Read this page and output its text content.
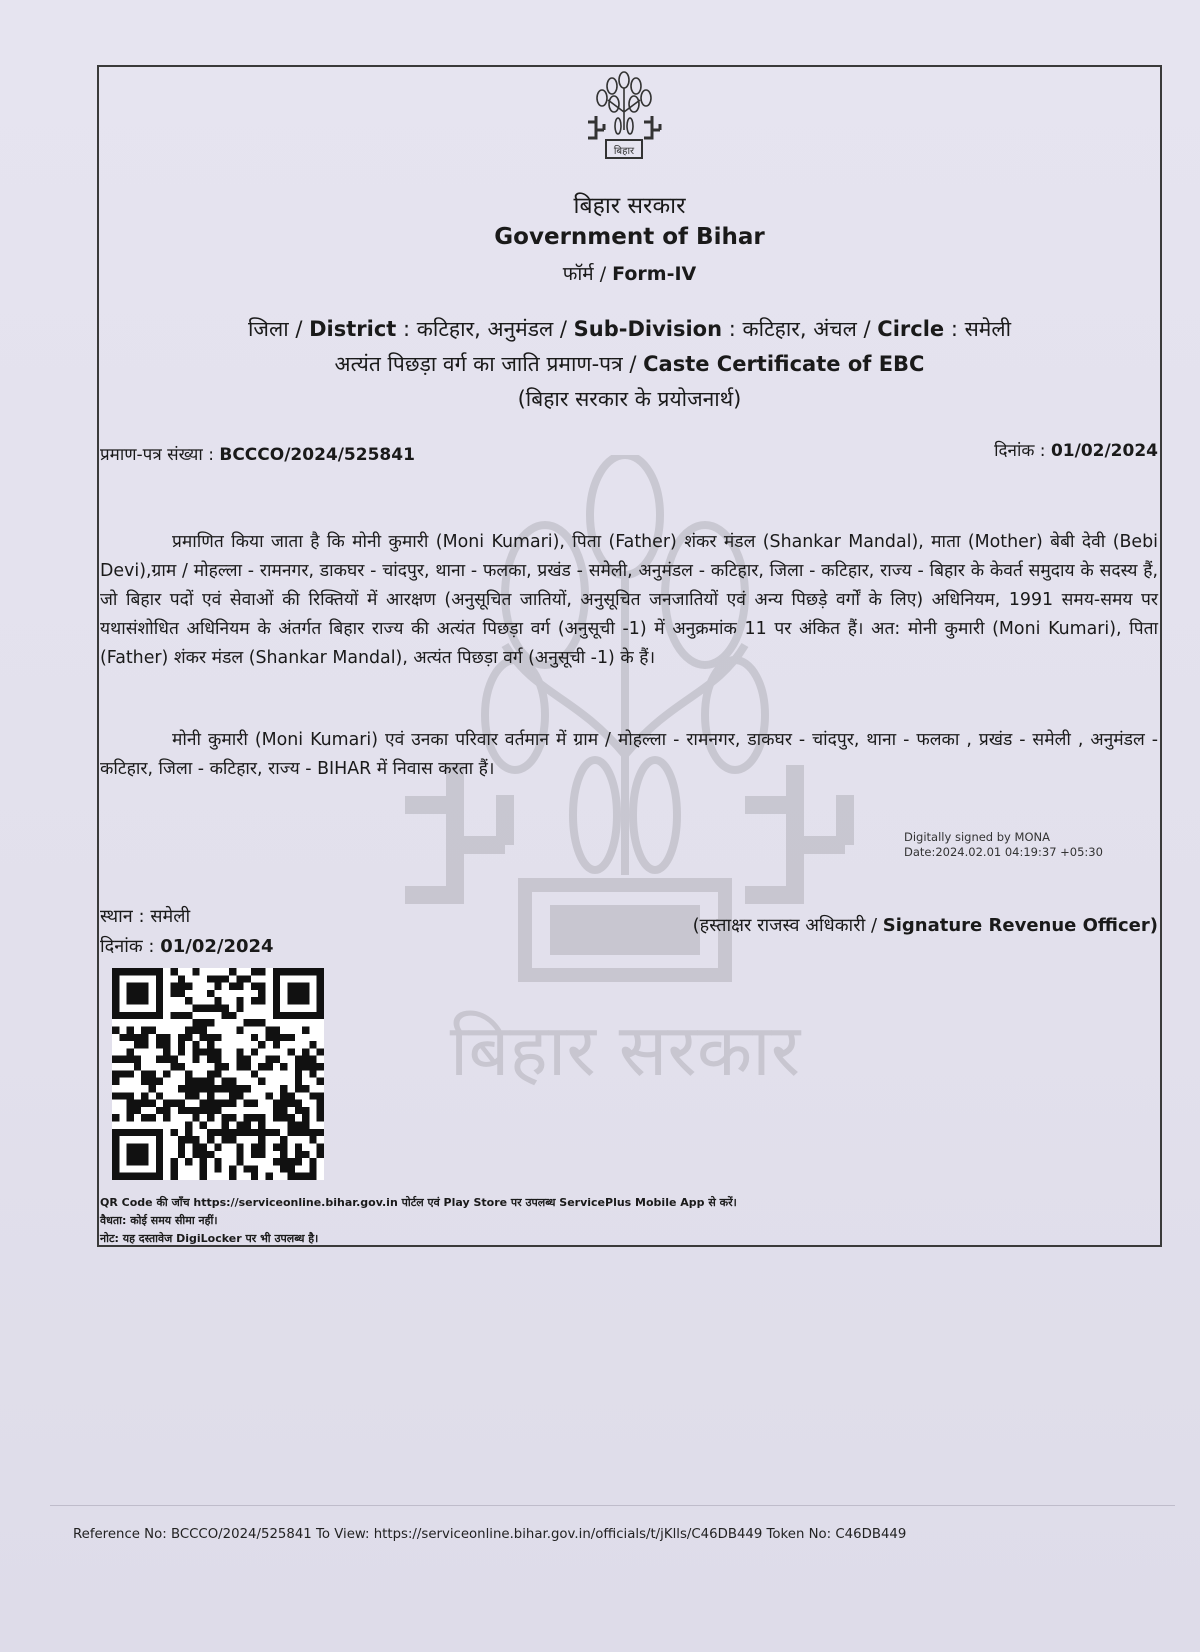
बिहार
बिहार सरकार
Government of Bihar
फॉर्म / Form-IV
जिला / District : कटिहार, अनुमंडल / Sub-Division : कटिहार, अंचल / Circle : समेली
अत्यंत पिछड़ा वर्ग का जाति प्रमाण-पत्र / Caste Certificate of EBC
(बिहार सरकार के प्रयोजनार्थ)
प्रमाण-पत्र संख्या : BCCCO/2024/525841	दिनांक : 01/02/2024

प्रमाणित किया जाता है कि मोनी कुमारी (Moni Kumari), पिता (Father) शंकर मंडल (Shankar Mandal), माता (Mother) बेबी देवी (Bebi Devi),ग्राम / मोहल्ला - रामनगर, डाकघर - चांदपुर, थाना - फलका, प्रखंड - समेली, अनुमंडल - कटिहार, जिला - कटिहार, राज्य - बिहार के केवर्त समुदाय के सदस्य हैं, जो बिहार पदों एवं सेवाओं की रिक्तियों में आरक्षण (अनुसूचित जातियों, अनुसूचित जनजातियों एवं अन्य पिछड़े वर्गों के लिए) अधिनियम, 1991 समय-समय पर यथासंशोधित अधिनियम के अंतर्गत बिहार राज्य की अत्यंत पिछड़ा वर्ग (अनुसूची -1) में अनुक्रमांक 11 पर अंकित हैं। अत: मोनी कुमारी (Moni Kumari), पिता (Father) शंकर मंडल (Shankar Mandal), अत्यंत पिछड़ा वर्ग (अनुसूची -1) के हैं।

मोनी कुमारी (Moni Kumari) एवं उनका परिवार वर्तमान में ग्राम / मोहल्ला - रामनगर, डाकघर - चांदपुर, थाना - फलका , प्रखंड - समेली , अनुमंडल - कटिहार, जिला - कटिहार, राज्य - BIHAR में निवास करता हैं।

Digitally signed by MONA
Date:2024.02.01 04:19:37 +05:30
स्थान : समेली
दिनांक : 01/02/2024
(हस्ताक्षर राजस्व अधिकारी / Signature Revenue Officer)
QR Code की जाँच https://serviceonline.bihar.gov.in पोर्टल एवं Play Store पर उपलब्ध ServicePlus Mobile App से करें।
वैधता: कोई समय सीमा नहीं।
नोट: यह दस्तावेज DigiLocker पर भी उपलब्ध है।
Reference No: BCCCO/2024/525841 To View: https://serviceonline.bihar.gov.in/officials/t/jKlls/C46DB449 Token No: C46DB449
